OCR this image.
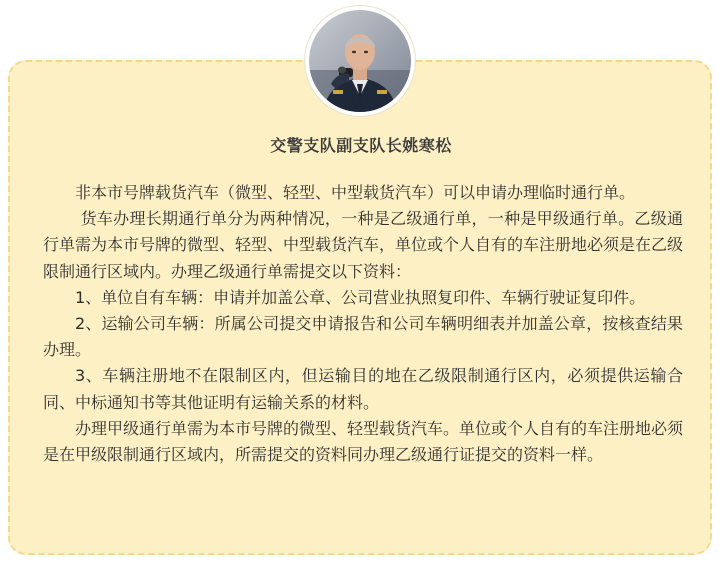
交警支队副支队长姚寒松

非本市号牌载货汽车（微型、轻型、中型载货汽车）可以申请办理临时通行单。

货车办理长期通行单分为两种情况，一种是乙级通行单，一种是甲级通行单。乙级通行单需为本市号牌的微型、轻型、中型载货汽车，单位或个人自有的车注册地必须是在乙级限制通行区域内。办理乙级通行单需提交以下资料：

1、单位自有车辆：申请并加盖公章、公司营业执照复印件、车辆行驶证复印件。

2、运输公司车辆：所属公司提交申请报告和公司车辆明细表并加盖公章，按核查结果办理。

3、车辆注册地不在限制区内，但运输目的地在乙级限制通行区内，必须提供运输合同、中标通知书等其他证明有运输关系的材料。

办理甲级通行单需为本市号牌的微型、轻型载货汽车。单位或个人自有的车注册地必须是在甲级限制通行区域内，所需提交的资料同办理乙级通行证提交的资料一样。
